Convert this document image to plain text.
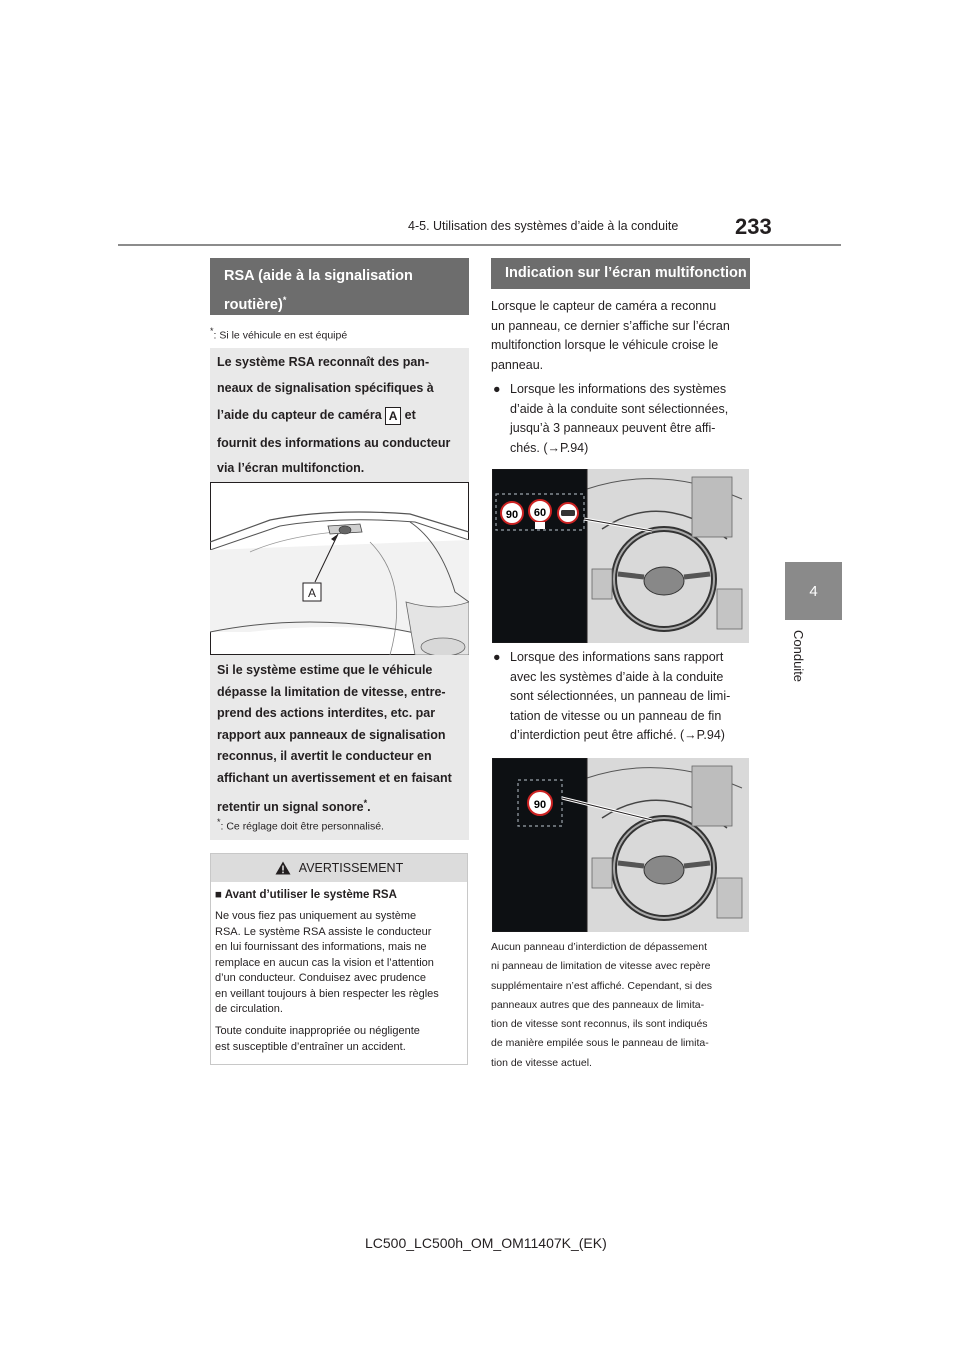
4-5. Utilisation des systèmes d’aide à la conduite	233
4
Conduite
RSA (aide à la signalisation
routière)*
*: Si le véhicule en est équipé
Le système RSA reconnaît des pan-
neaux de signalisation spécifiques à
l’aide du capteur de caméra A et
fournit des informations au conducteur
via l’écran multifonction.
A
Si le système estime que le véhicule
dépasse la limitation de vitesse, entre-
prend des actions interdites, etc. par
rapport aux panneaux de signalisation
reconnus, il avertit le conducteur en
affichant un avertissement et en faisant
retentir un signal sonore*.
*: Ce réglage doit être personnalisé.
AVERTISSEMENT
■ Avant d’utiliser le système RSA
Ne vous fiez pas uniquement au système
RSA. Le système RSA assiste le conducteur
en lui fournissant des informations, mais ne
remplace en aucun cas la vision et l’attention
d’un conducteur. Conduisez avec prudence
en veillant toujours à bien respecter les règles
de circulation.
Toute conduite inappropriée ou négligente
est susceptible d’entraîner un accident.
Indication sur l’écran multifonction
Lorsque le capteur de caméra a reconnu
un panneau, ce dernier s’affiche sur l’écran
multifonction lorsque le véhicule croise le
panneau.
● Lorsque les informations des systèmes
d’aide à la conduite sont sélectionnées,
jusqu’à 3 panneaux peuvent être affi-
chés. (→P.94)
90 60
● Lorsque des informations sans rapport
avec les systèmes d’aide à la conduite
sont sélectionnées, un panneau de limi-
tation de vitesse ou un panneau de fin
d’interdiction peut être affiché. (→P.94)
90
Aucun panneau d’interdiction de dépassement
ni panneau de limitation de vitesse avec repère
supplémentaire n’est affiché. Cependant, si des
panneaux autres que des panneaux de limita-
tion de vitesse sont reconnus, ils sont indiqués
de manière empilée sous le panneau de limita-
tion de vitesse actuel.
LC500_LC500h_OM_OM11407K_(EK)
